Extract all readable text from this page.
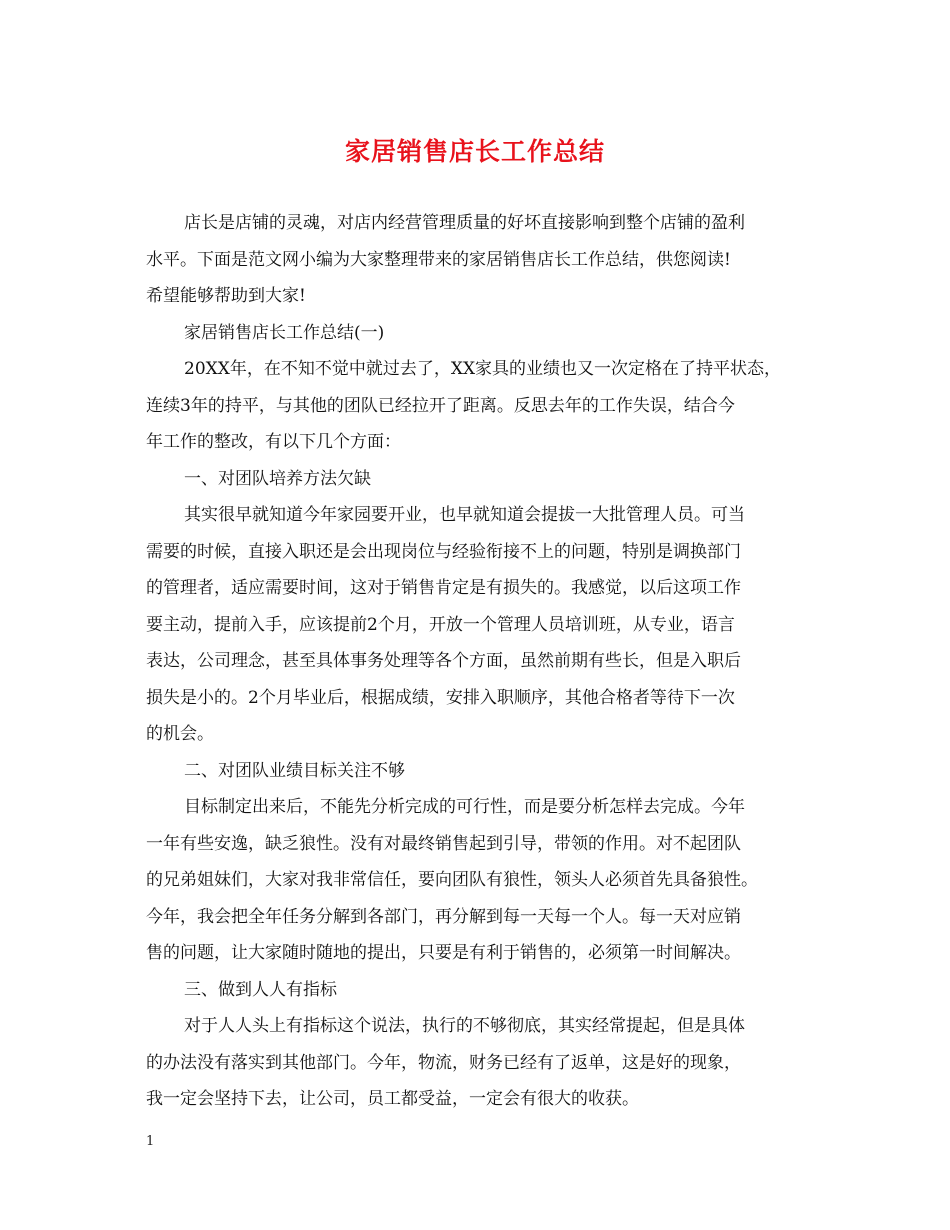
家居销售店长工作总结
店长是店铺的灵魂，对店内经营管理质量的好坏直接影响到整个店铺的盈利
水平。下面是范文网小编为大家整理带来的家居销售店长工作总结，供您阅读!
希望能够帮助到大家!
家居销售店长工作总结(一)
20XX年，在不知不觉中就过去了，XX家具的业绩也又一次定格在了持平状态，
连续3年的持平，与其他的团队已经拉开了距离。反思去年的工作失误，结合今
年工作的整改，有以下几个方面：
一、对团队培养方法欠缺
其实很早就知道今年家园要开业，也早就知道会提拔一大批管理人员。可当
需要的时候，直接入职还是会出现岗位与经验衔接不上的问题，特别是调换部门
的管理者，适应需要时间，这对于销售肯定是有损失的。我感觉，以后这项工作
要主动，提前入手，应该提前2个月，开放一个管理人员培训班，从专业，语言
表达，公司理念，甚至具体事务处理等各个方面，虽然前期有些长，但是入职后
损失是小的。2个月毕业后，根据成绩，安排入职顺序，其他合格者等待下一次
的机会。
二、对团队业绩目标关注不够
目标制定出来后，不能先分析完成的可行性，而是要分析怎样去完成。今年
一年有些安逸，缺乏狼性。没有对最终销售起到引导，带领的作用。对不起团队
的兄弟姐妹们，大家对我非常信任，要向团队有狼性，领头人必须首先具备狼性。
今年，我会把全年任务分解到各部门，再分解到每一天每一个人。每一天对应销
售的问题，让大家随时随地的提出，只要是有利于销售的，必须第一时间解决。
三、做到人人有指标
对于人人头上有指标这个说法，执行的不够彻底，其实经常提起，但是具体
的办法没有落实到其他部门。今年，物流，财务已经有了返单，这是好的现象，
我一定会坚持下去，让公司，员工都受益，一定会有很大的收获。
1
